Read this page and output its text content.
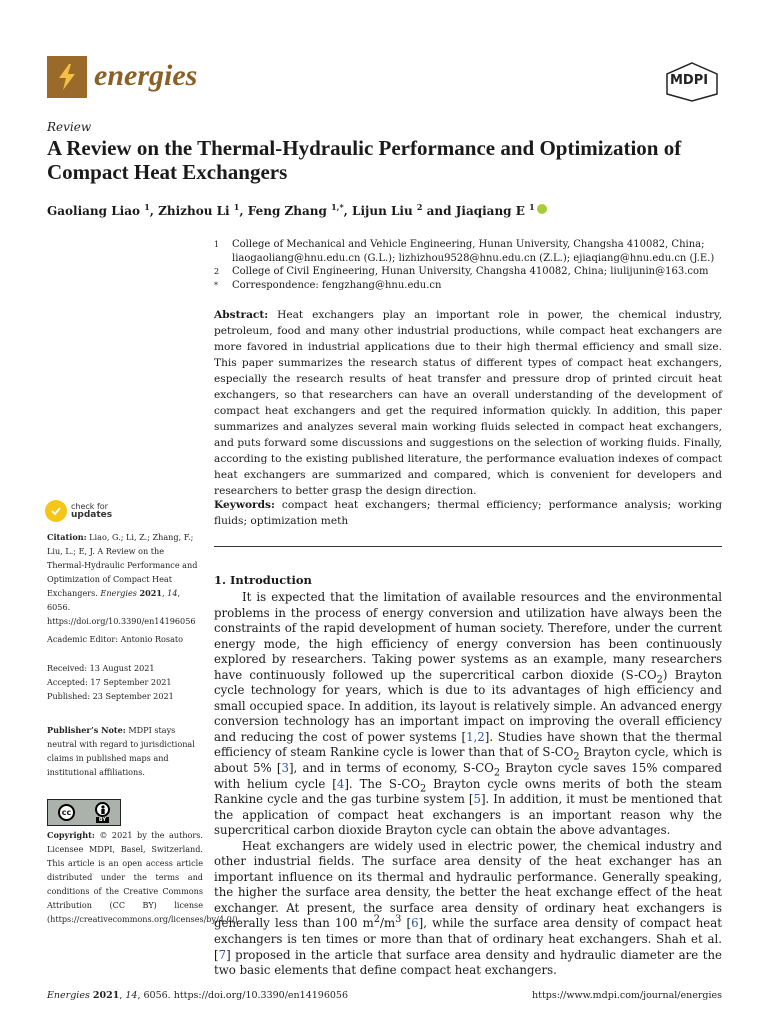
energies	MDPI
Review
A Review on the Thermal-Hydraulic Performance and Optimization of Compact Heat Exchangers
Gaoliang Liao $^1$, Zhizhou Li $^1$, Feng Zhang $^{1,*}$, Lijun Liu $^2$ and Jiaqiang E $^1$
1	College of Mechanical and Vehicle Engineering, Hunan University, Changsha 410082, China; liaogaoliang@hnu.edu.cn (G.L.); lizhizhou9528@hnu.edu.cn (Z.L.); ejiaqiang@hnu.edu.cn (J.E.)
2	College of Civil Engineering, Hunan University, Changsha 410082, China; liulijunin@163.com
*	Correspondence: fengzhang@hnu.edu.cn

Abstract: Heat exchangers play an important role in power, the chemical industry, petroleum, food and many other industrial productions, while compact heat exchangers are more favored in industrial applications due to their high thermal efficiency and small size. This paper summarizes the research status of different types of compact heat exchangers, especially the research results of heat transfer and pressure drop of printed circuit heat exchangers, so that researchers can have an overall understanding of the development of compact heat exchangers and get the required information quickly. In addition, this paper summarizes and analyzes several main working fluids selected in compact heat exchangers, and puts forward some discussions and suggestions on the selection of working fluids. Finally, according to the existing published literature, the performance evaluation indexes of compact heat exchangers are summarized and compared, which is convenient for developers and researchers to better grasp the design direction.

Keywords: compact heat exchangers; thermal efficiency; performance analysis; working fluids; optimization meth

check for
updates

Citation: Liao, G.; Li, Z.; Zhang, F.; Liu, L.; E, J. A Review on the Thermal-Hydraulic Performance and Optimization of Compact Heat Exchangers. Energies 2021, 14, 6056. https://doi.org/10.3390/en14196056

Academic Editor: Antonio Rosato
Received: 13 August 2021
Accepted: 17 September 2021
Published: 23 September 2021

Publisher’s Note: MDPI stays neutral with regard to jurisdictional claims in published maps and institutional affiliations.

cc
BY

Copyright: © 2021 by the authors. Licensee MDPI, Basel, Switzerland. This article is an open access article distributed under the terms and conditions of the Creative Commons Attribution (CC BY) license (https://creativecommons.org/licenses/by/4.0/).

1. Introduction

It is expected that the limitation of available resources and the environmental problems in the process of energy conversion and utilization have always been the constraints of the rapid development of human society. Therefore, under the current energy mode, the high efficiency of energy conversion has been continuously explored by researchers. Taking power systems as an example, many researchers have continuously followed up the supercritical carbon dioxide $(S-CO_2)$ Brayton cycle technology for years, which is due to its advantages of high efficiency and small occupied space. In addition, its layout is relatively simple. An advanced energy conversion technology has an important impact on improving the overall efficiency and reducing the cost of power systems [1,2]. Studies have shown that the thermal efficiency of steam Rankine cycle is lower than that of $S-CO_2$ Brayton cycle, which is about 5% [3], and in terms of economy, $S-CO_2$ Brayton cycle saves 15% compared with helium cycle [4]. The $S-CO_2$ Brayton cycle owns merits of both the steam Rankine cycle and the gas turbine system [5]. In addition, it must be mentioned that the application of compact heat exchangers is an important reason why the supercritical carbon dioxide Brayton cycle can obtain the above advantages.

Heat exchangers are widely used in electric power, the chemical industry and other industrial fields. The surface area density of the heat exchanger has an important influence on its thermal and hydraulic performance. Generally speaking, the higher the surface area density, the better the heat exchange effect of the heat exchanger. At present, the surface area density of ordinary heat exchangers is generally less than 100 $m^2/m^3$ [6], while the surface area density of compact heat exchangers is ten times or more than that of ordinary heat exchangers. Shah et al. [7] proposed in the article that surface area density and hydraulic diameter are the two basic elements that define compact heat exchangers.

Energies 2021, 14, 6056. https://doi.org/10.3390/en14196056	https://www.mdpi.com/journal/energies
